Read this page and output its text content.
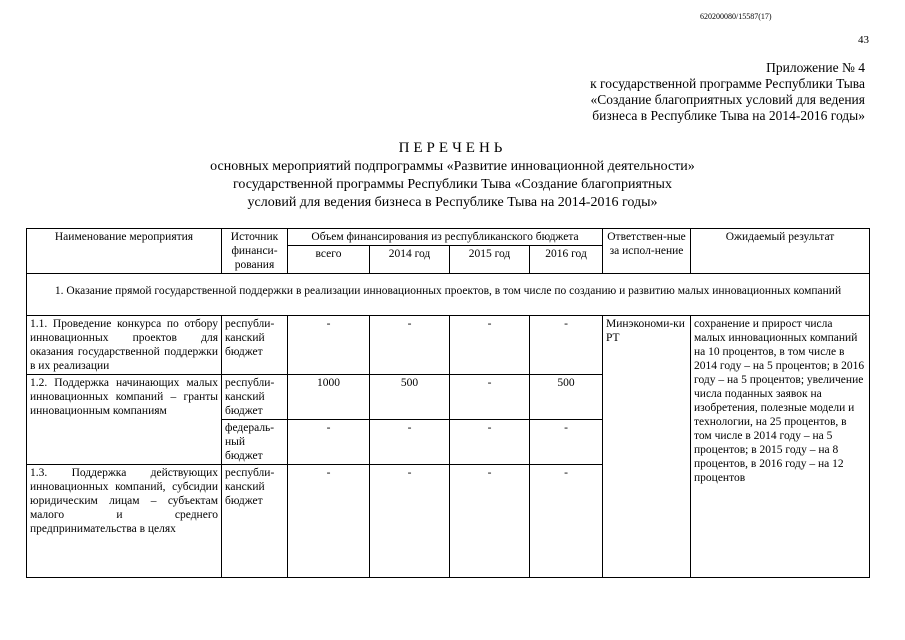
620200080/15587(17)
43
Приложение № 4
к государственной программе Республики Тыва
«Создание благоприятных условий для ведения
бизнеса в Республике Тыва на 2014-2016 годы»
ПЕРЕЧЕНЬ
основных мероприятий подпрограммы «Развитие инновационной деятельности»
государственной программы Республики Тыва «Создание благоприятных
условий для ведения бизнеса в Республике Тыва на 2014-2016 годы»
Наименование мероприятия	Источник финанси-рования	Объем финансирования из республиканского бюджета				Ответствен-ные за испол-нение	Ожидаемый результат
		всего	2014 год	2015 год	2016 год		
1. Оказание прямой государственной поддержки в реализации инновационных проектов, в том числе по созданию и развитию малых инновационных компаний							
1.1. Проведение конкурса по отбору инновационных проектов для оказания государственной поддержки в их реализации	республи-канский бюджет	-	-	-	-	Минэкономи-ки РТ	сохранение и прирост числа малых инновационных компаний на 10 процентов, в том числе в 2014 году – на 5 процентов; в 2016 году – на 5 процентов; увеличение числа поданных заявок на изобретения, полезные модели и технологии, на 25 процентов, в том числе в 2014 году – на 5 процентов; в 2015 году – на 8 процентов, в 2016 году – на 12 процентов
1.2. Поддержка начинающих малых инновационных компаний – гранты инновационным компаниям	республи-канский бюджет	1000	500	-	500		
	федераль-ный бюджет	-	-	-	-		
1.3. Поддержка действующих инновационных компаний, субсидии юридическим лицам – субъектам малого и среднего предпринимательства в целях	республи-канский бюджет	-	-	-	-		
